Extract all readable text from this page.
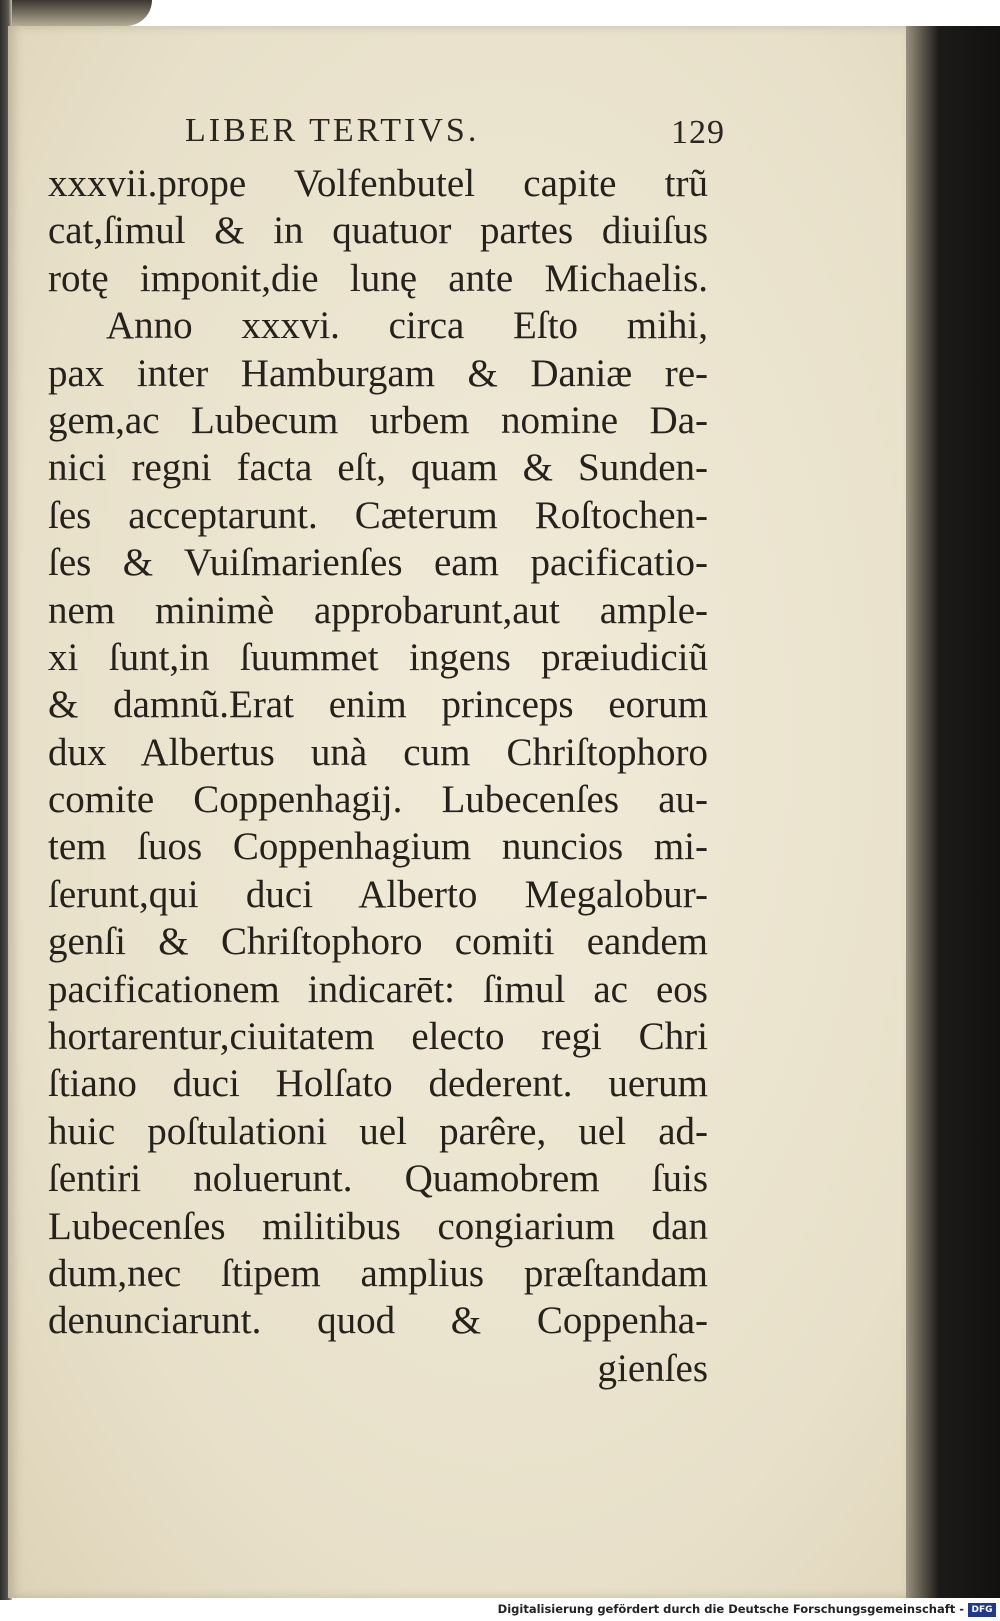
LIBER TERTIVS.	129
xxxvii.prope Volfenbutel capite trũ
cat,ſimul & in quatuor partes diuiſus
rotę imponit,die lunę ante Michaelis.
Anno xxxvi. circa Eſto mihi,
pax inter Hamburgam & Daniæ re-
gem,ac Lubecum urbem nomine Da-
nici regni facta eſt, quam & Sunden-
ſes acceptarunt. Cæterum Roſtochen-
ſes & Vuiſmarienſes eam pacificatio-
nem minimè approbarunt,aut ample-
xi ſunt,in ſuummet ingens præiudiciũ
& damnũ.Erat enim princeps eorum
dux Albertus unà cum Chriſtophoro
comite Coppenhagij. Lubecenſes au-
tem ſuos Coppenhagium nuncios mi-
ſerunt,qui duci Alberto Megalobur-
genſi & Chriſtophoro comiti eandem
pacificationem indicarēt: ſimul ac eos
hortarentur,ciuitatem electo regi Chri
ſtiano duci Holſato dederent. uerum
huic poſtulationi uel parêre, uel ad-
ſentiri noluerunt. Quamobrem ſuis
Lubecenſes militibus congiarium dan
dum,nec ſtipem amplius præſtandam
denunciarunt. quod & Coppenha-
gienſes
Digitalisierung gefördert durch die Deutsche Forschungsgemeinschaft - DFG
